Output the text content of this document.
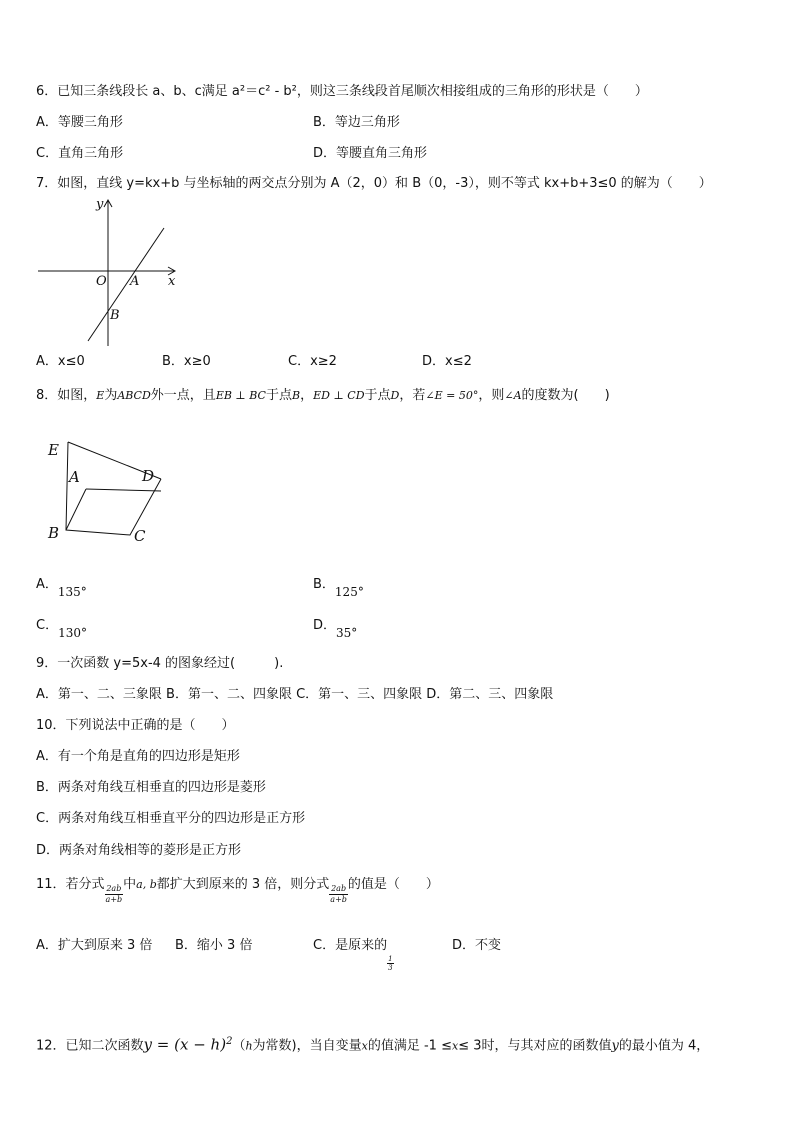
6．已知三条线段长 a、b、c满足 a²＝c² - b²，则这三条线段首尾顺次相接组成的三角形的形状是（　　）
A．等腰三角形	B．等边三角形
C．直角三角形	D．等腰直角三角形
7．如图，直线 y=kx+b 与坐标轴的两交点分别为 A（2，0）和 B（0，-3），则不等式 kx+b+3≤0 的解为（　　）
y
x
O A
B
A．x≤0	B．x≥0	C．x≥2	D．x≤2
8．如图，E为ABCD外一点，且EB ⊥ BC于点B，ED ⊥ CD于点D，若∠E = 50°，则∠A的度数为(　　)
E
A	D
B	C
A．135°	B．125°
C．130°	D．35°
9．一次函数 y=5x-4 的图象经过(　　　).
A．第一、二、三象限 B．第一、二、四象限 C．第一、三、四象限 D．第二、三、四象限
10．下列说法中正确的是（　　）
A．有一个角是直角的四边形是矩形
B．两条对角线互相垂直的四边形是菱形
C．两条对角线互相垂直平分的四边形是正方形
D．两条对角线相等的菱形是正方形
11．若分式 $\frac{2ab}{a+b}$ 中a, b都扩大到原来的 3 倍，则分式 $\frac{2ab}{a+b}$ 的值是（　　）
A．扩大到原来 3 倍 B．缩小 3 倍	C．是原来的
$\frac{1}{3}$
D．不变
12．已知二次函数$y = (x - h)^2(h$为常数)，当自变量x的值满足 -1 ≤x≤ 3时，与其对应的函数值y的最小值为 4，
